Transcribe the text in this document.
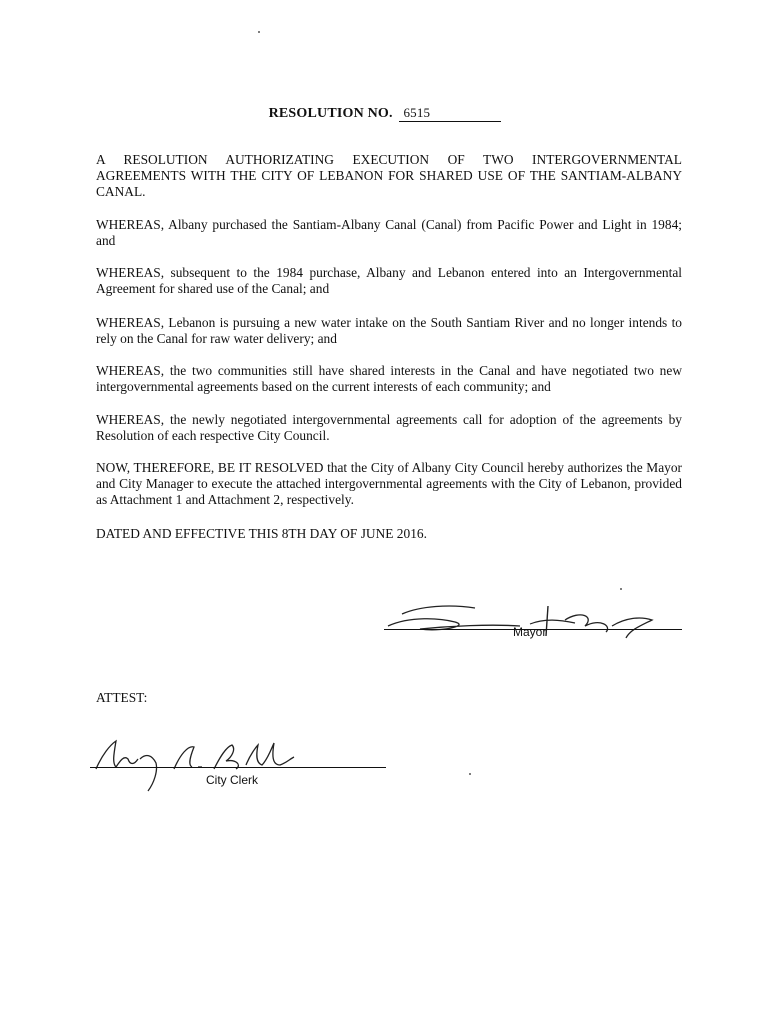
RESOLUTION NO. 6515
A RESOLUTION AUTHORIZATING EXECUTION OF TWO INTERGOVERNMENTAL AGREEMENTS WITH THE CITY OF LEBANON FOR SHARED USE OF THE SANTIAM-ALBANY CANAL.
WHEREAS, Albany purchased the Santiam-Albany Canal (Canal) from Pacific Power and Light in 1984; and
WHEREAS, subsequent to the 1984 purchase, Albany and Lebanon entered into an Intergovernmental Agreement for shared use of the Canal; and
WHEREAS, Lebanon is pursuing a new water intake on the South Santiam River and no longer intends to rely on the Canal for raw water delivery; and
WHEREAS, the two communities still have shared interests in the Canal and have negotiated two new intergovernmental agreements based on the current interests of each community; and
WHEREAS, the newly negotiated intergovernmental agreements call for adoption of the agreements by Resolution of each respective City Council.
NOW, THEREFORE, BE IT RESOLVED that the City of Albany City Council hereby authorizes the Mayor and City Manager to execute the attached intergovernmental agreements with the City of Lebanon, provided as Attachment 1 and Attachment 2, respectively.
DATED AND EFFECTIVE THIS 8TH DAY OF JUNE 2016.
Mayor
ATTEST:
City Clerk
